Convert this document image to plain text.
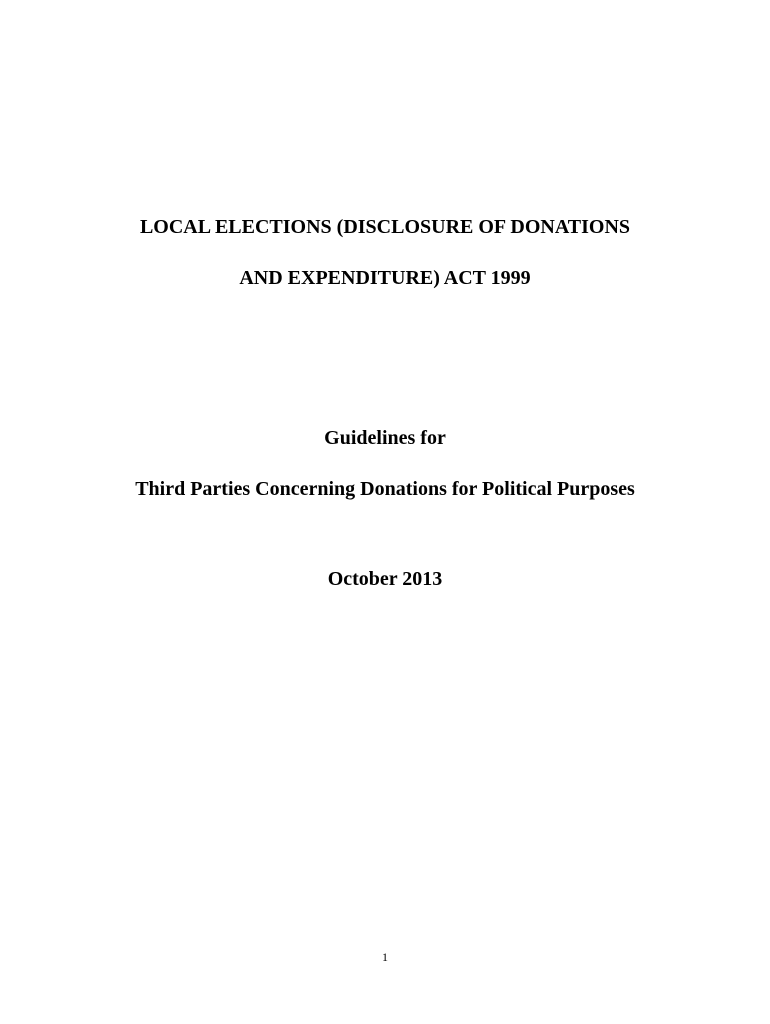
LOCAL ELECTIONS (DISCLOSURE OF DONATIONS
AND EXPENDITURE) ACT 1999
Guidelines for
Third Parties Concerning Donations for Political Purposes
October 2013
1
